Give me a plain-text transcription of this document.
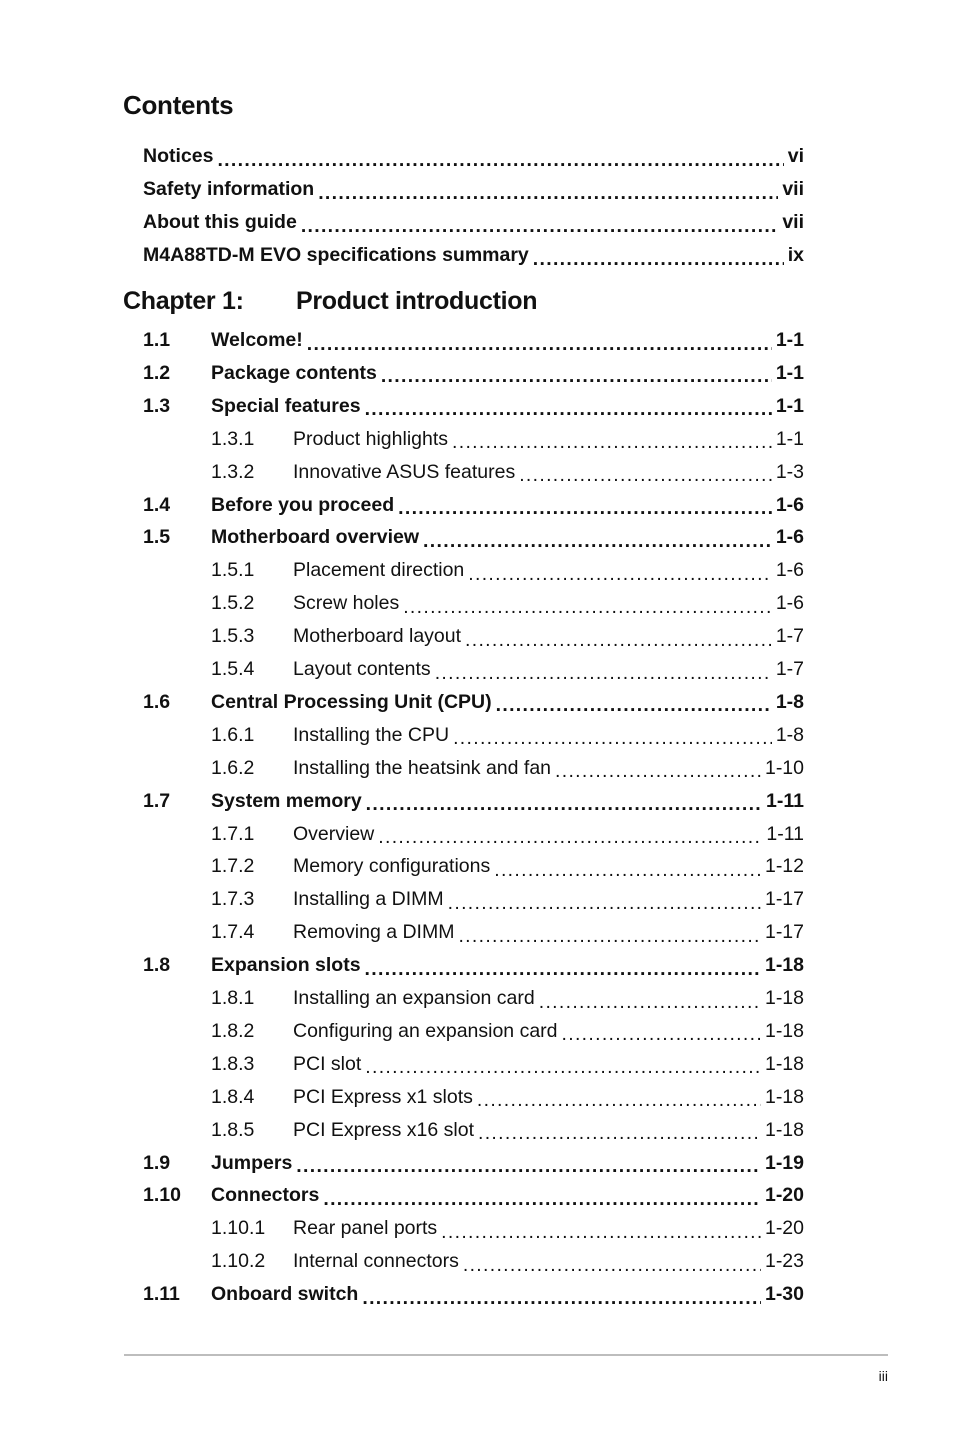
Contents
Notices .....	vi
Safety information .....	vii
About this guide .....	vii
M4A88TD-M EVO specifications summary .....	ix
Chapter 1:	Product introduction
1.1	Welcome! .....	1-1
1.2	Package contents .....	1-1
1.3	Special features .....	1-1
1.3.1	Product highlights .....	1-1
1.3.2	Innovative ASUS features .....	1-3
1.4	Before you proceed .....	1-6
1.5	Motherboard overview .....	1-6
1.5.1	Placement direction .....	1-6
1.5.2	Screw holes .....	1-6
1.5.3	Motherboard layout .....	1-7
1.5.4	Layout contents .....	1-7
1.6	Central Processing Unit (CPU) .....	1-8
1.6.1	Installing the CPU .....	1-8
1.6.2	Installing the heatsink and fan .....	1-10
1.7	System memory .....	1-11
1.7.1	Overview .....	1-11
1.7.2	Memory configurations .....	1-12
1.7.3	Installing a DIMM .....	1-17
1.7.4	Removing a DIMM .....	1-17
1.8	Expansion slots .....	1-18
1.8.1	Installing an expansion card .....	1-18
1.8.2	Configuring an expansion card .....	1-18
1.8.3	PCI slot .....	1-18
1.8.4	PCI Express x1 slots .....	1-18
1.8.5	PCI Express x16 slot .....	1-18
1.9	Jumpers .....	1-19
1.10	Connectors .....	1-20
1.10.1	Rear panel ports .....	1-20
1.10.2	Internal connectors .....	1-23
1.11	Onboard switch .....	1-30
iii
